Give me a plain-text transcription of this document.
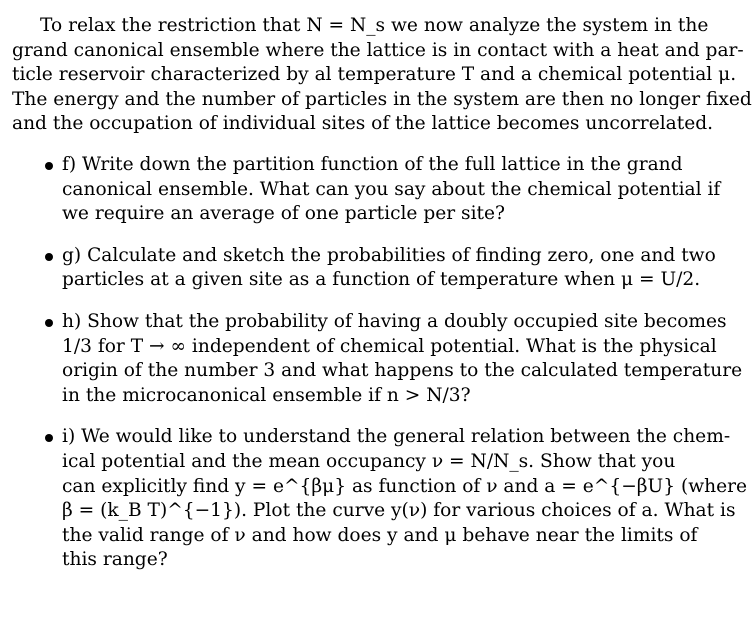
To relax the restriction that N = N_s we now analyze the system in the
grand canonical ensemble where the lattice is in contact with a heat and par-
ticle reservoir characterized by al temperature T and a chemical potential μ.
The energy and the number of particles in the system are then no longer fixed
and the occupation of individual sites of the lattice becomes uncorrelated.

f) Write down the partition function of the full lattice in the grand
canonical ensemble. What can you say about the chemical potential if
we require an average of one particle per site?
g) Calculate and sketch the probabilities of finding zero, one and two
particles at a given site as a function of temperature when μ = U/2.
h) Show that the probability of having a doubly occupied site becomes
1/3 for T → ∞ independent of chemical potential. What is the physical
origin of the number 3 and what happens to the calculated temperature
in the microcanonical ensemble if n > N/3?
i) We would like to understand the general relation between the chem-
ical potential and the mean occupancy ν = N/N_s. Show that you
can explicitly find y = e^{βμ} as function of ν and a = e^{−βU} (where
β = (k_B T)^{−1}). Plot the curve y(ν) for various choices of a. What is
the valid range of ν and how does y and μ behave near the limits of
this range?
